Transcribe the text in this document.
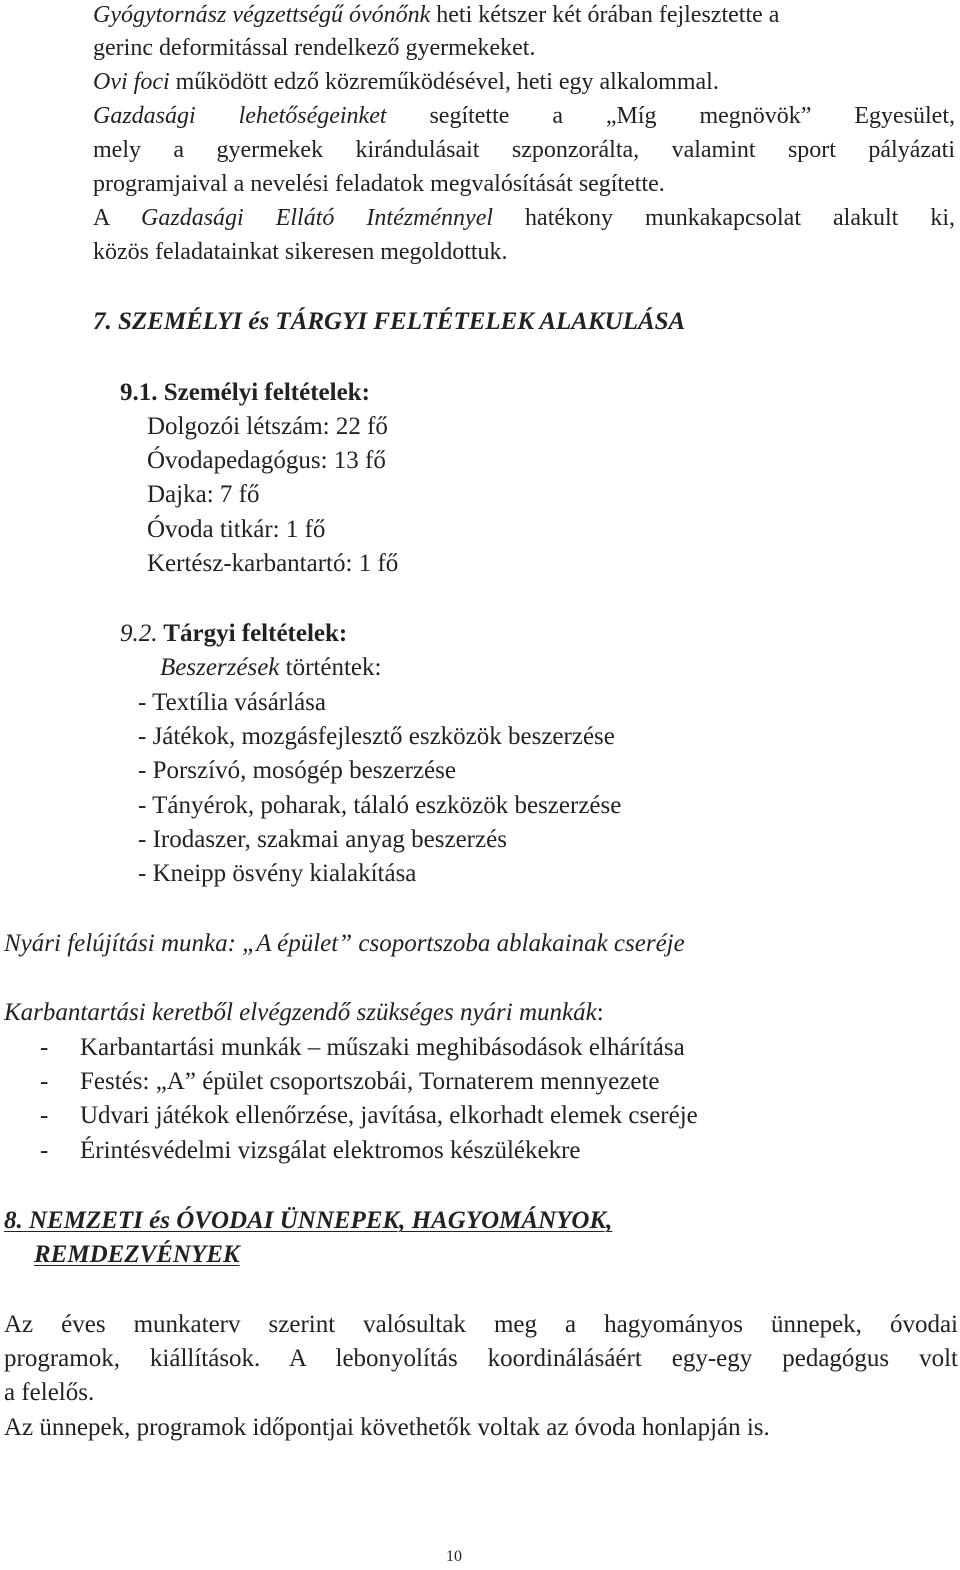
Gyógytornász végzettségű óvónőnk heti kétszer két órában fejlesztette a
gerinc deformitással rendelkező gyermekeket.
Ovi foci működött edző közreműködésével, heti egy alkalommal.
Gazdasági lehetőségeinket segítette a „Míg megnövök” Egyesület,
mely a gyermekek kirándulásait szponzorálta, valamint sport pályázati
programjaival a nevelési feladatok megvalósítását segítette.
A Gazdasági Ellátó Intézménnyel hatékony munkakapcsolat alakult ki,
közös feladatainkat sikeresen megoldottuk.
7. SZEMÉLYI és TÁRGYI FELTÉTELEK ALAKULÁSA
9.1. Személyi feltételek:
Dolgozói létszám: 22 fő
Óvodapedagógus: 13 fő
Dajka: 7 fő
Óvoda titkár: 1 fő
Kertész-karbantartó: 1 fő
9.2. Tárgyi feltételek:
Beszerzések történtek:
- Textília vásárlása
- Játékok, mozgásfejlesztő eszközök beszerzése
- Porszívó, mosógép beszerzése
- Tányérok, poharak, tálaló eszközök beszerzése
- Irodaszer, szakmai anyag beszerzés
- Kneipp ösvény kialakítása
Nyári felújítási munka: „A épület” csoportszoba ablakainak cseréje
Karbantartási keretből elvégzendő szükséges nyári munkák:
- Karbantartási munkák – műszaki meghibásodások elhárítása
- Festés: „A” épület csoportszobái, Tornaterem mennyezete
- Udvari játékok ellenőrzése, javítása, elkorhadt elemek cseréje
- Érintésvédelmi vizsgálat elektromos készülékekre
8. NEMZETI és ÓVODAI ÜNNEPEK, HAGYOMÁNYOK,
REMDEZVÉNYEK
Az éves munkaterv szerint valósultak meg a hagyományos ünnepek, óvodai
programok, kiállítások. A lebonyolítás koordinálásáért egy-egy pedagógus volt
a felelős.
Az ünnepek, programok időpontjai követhetők voltak az óvoda honlapján is.
10
